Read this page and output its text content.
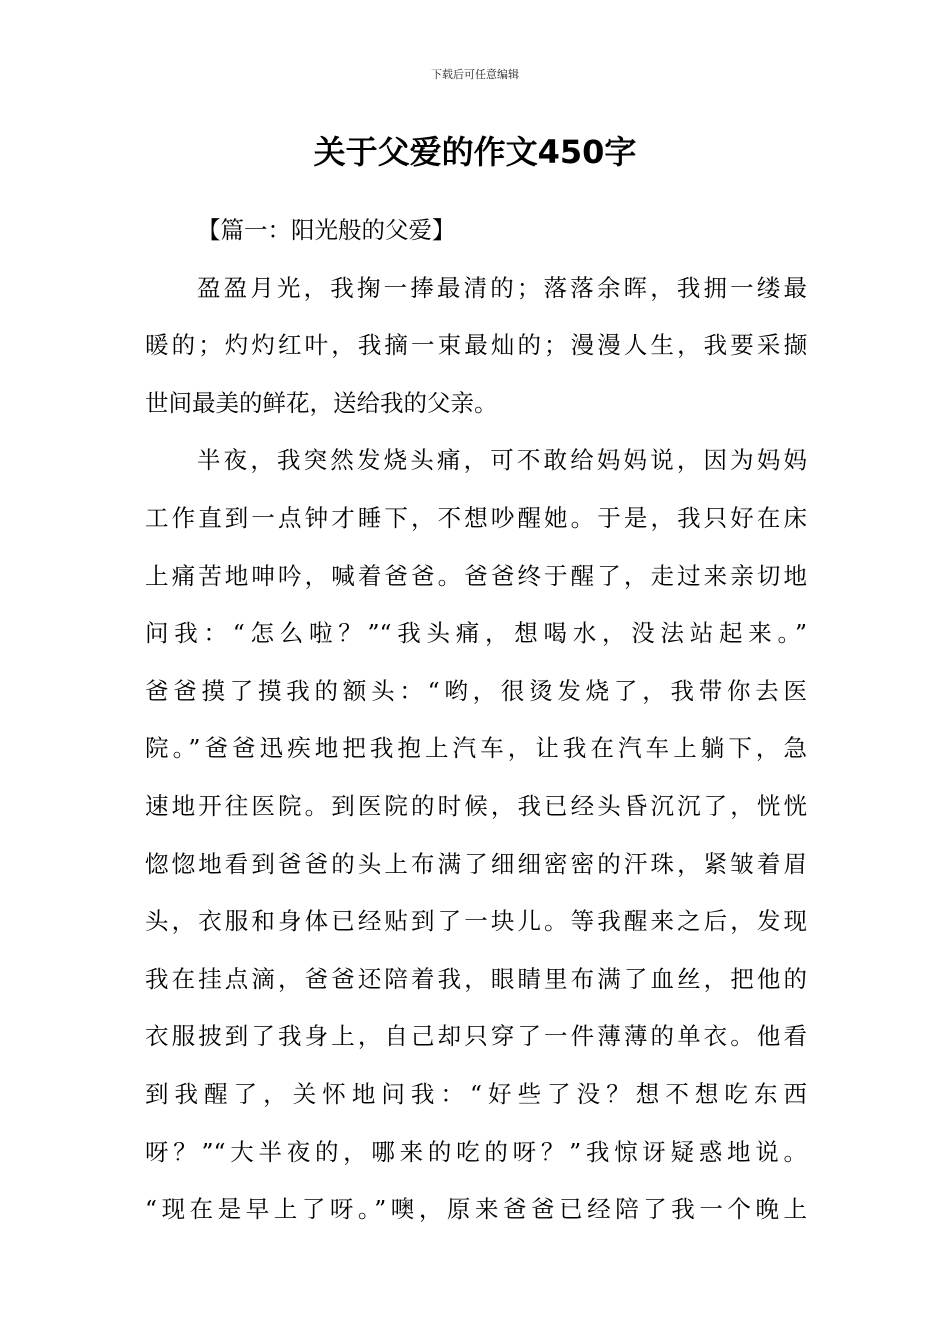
下载后可任意编辑
关于父爱的作文450字
【篇一：阳光般的父爱】
盈盈月光，我掬一捧最清的；落落余晖，我拥一缕最
暖的；灼灼红叶，我摘一束最灿的；漫漫人生，我要采撷
世间最美的鲜花，送给我的父亲。
半夜，我突然发烧头痛，可不敢给妈妈说，因为妈妈
工作直到一点钟才睡下，不想吵醒她。于是，我只好在床
上痛苦地呻吟，喊着爸爸。爸爸终于醒了，走过来亲切地
问我：“怎么啦？”“我头痛，想喝水，没法站起来。”
爸爸摸了摸我的额头：“哟，很烫发烧了，我带你去医
院。”爸爸迅疾地把我抱上汽车，让我在汽车上躺下，急
速地开往医院。到医院的时候，我已经头昏沉沉了，恍恍
惚惚地看到爸爸的头上布满了细细密密的汗珠，紧皱着眉
头，衣服和身体已经贴到了一块儿。等我醒来之后，发现
我在挂点滴，爸爸还陪着我，眼睛里布满了血丝，把他的
衣服披到了我身上，自己却只穿了一件薄薄的单衣。他看
到我醒了，关怀地问我：“好些了没？想不想吃东西
呀？”“大半夜的，哪来的吃的呀？”我惊讶疑惑地说。
“现在是早上了呀。”噢，原来爸爸已经陪了我一个晚上
